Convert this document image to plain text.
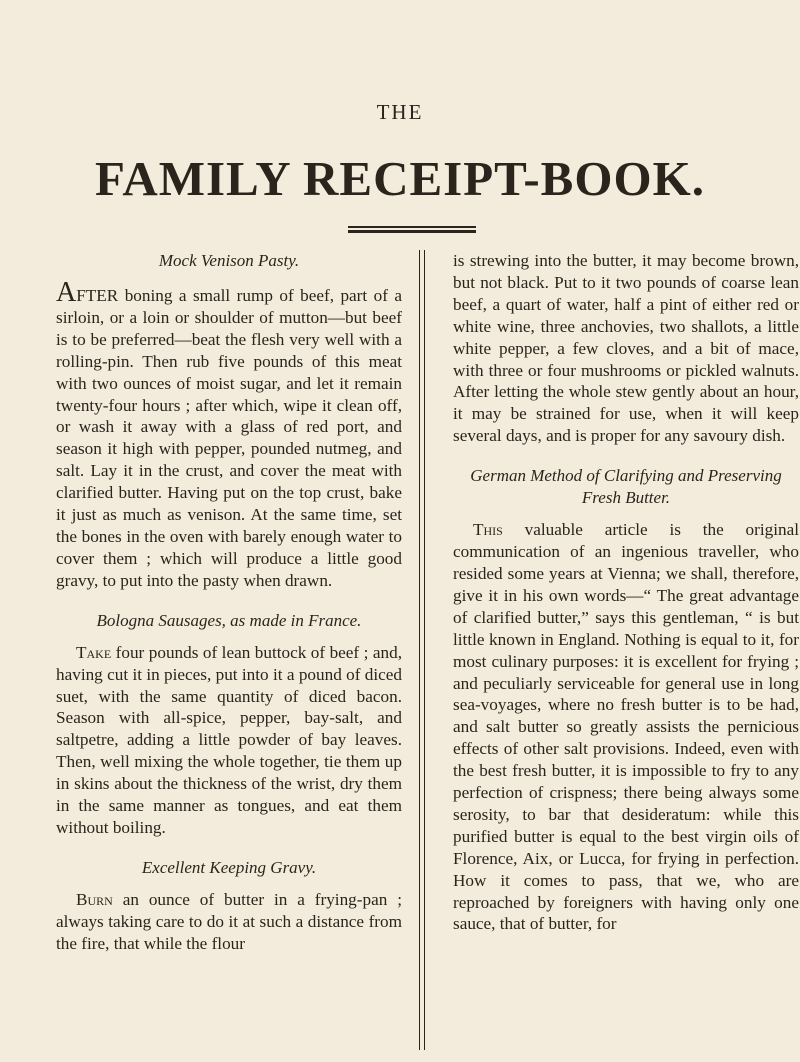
THE
FAMILY RECEIPT-BOOK.

Mock Venison Pasty.

AFTER boning a small rump of beef, part of a sirloin, or a loin or shoulder of mutton—but beef is to be preferred—beat the flesh very well with a rolling-pin. Then rub five pounds of this meat with two ounces of moist sugar, and let it remain twenty-four hours ; after which, wipe it clean off, or wash it away with a glass of red port, and season it high with pepper, pounded nutmeg, and salt. Lay it in the crust, and cover the meat with clarified butter. Having put on the top crust, bake it just as much as venison. At the same time, set the bones in the oven with barely enough water to cover them ; which will produce a little good gravy, to put into the pasty when drawn.

Bologna Sausages, as made in France.

Take four pounds of lean buttock of beef ; and, having cut it in pieces, put into it a pound of diced suet, with the same quantity of diced bacon. Season with all-spice, pepper, bay-salt, and saltpetre, adding a little powder of bay leaves. Then, well mixing the whole together, tie them up in skins about the thickness of the wrist, dry them in the same manner as tongues, and eat them without boiling.

Excellent Keeping Gravy.

Burn an ounce of butter in a frying-pan ; always taking care to do it at such a distance from the fire, that while the flour

is strewing into the butter, it may become brown, but not black. Put to it two pounds of coarse lean beef, a quart of water, half a pint of either red or white wine, three anchovies, two shallots, a little white pepper, a few cloves, and a bit of mace, with three or four mushrooms or pickled walnuts. After letting the whole stew gently about an hour, it may be strained for use, when it will keep several days, and is proper for any savoury dish.

German Method of Clarifying and Preserving Fresh Butter.

This valuable article is the original communication of an ingenious traveller, who resided some years at Vienna; we shall, therefore, give it in his own words—“ The great advantage of clarified butter,” says this gentleman, “ is but little known in England. Nothing is equal to it, for most culinary purposes: it is excellent for frying ; and peculiarly serviceable for general use in long sea-voyages, where no fresh butter is to be had, and salt butter so greatly assists the pernicious effects of other salt provisions. Indeed, even with the best fresh butter, it is impossible to fry to any perfection of crispness; there being always some serosity, to bar that desideratum: while this purified butter is equal to the best virgin oils of Florence, Aix, or Lucca, for frying in perfection. How it comes to pass, that we, who are reproached by foreigners with having only one sauce, that of butter, for
